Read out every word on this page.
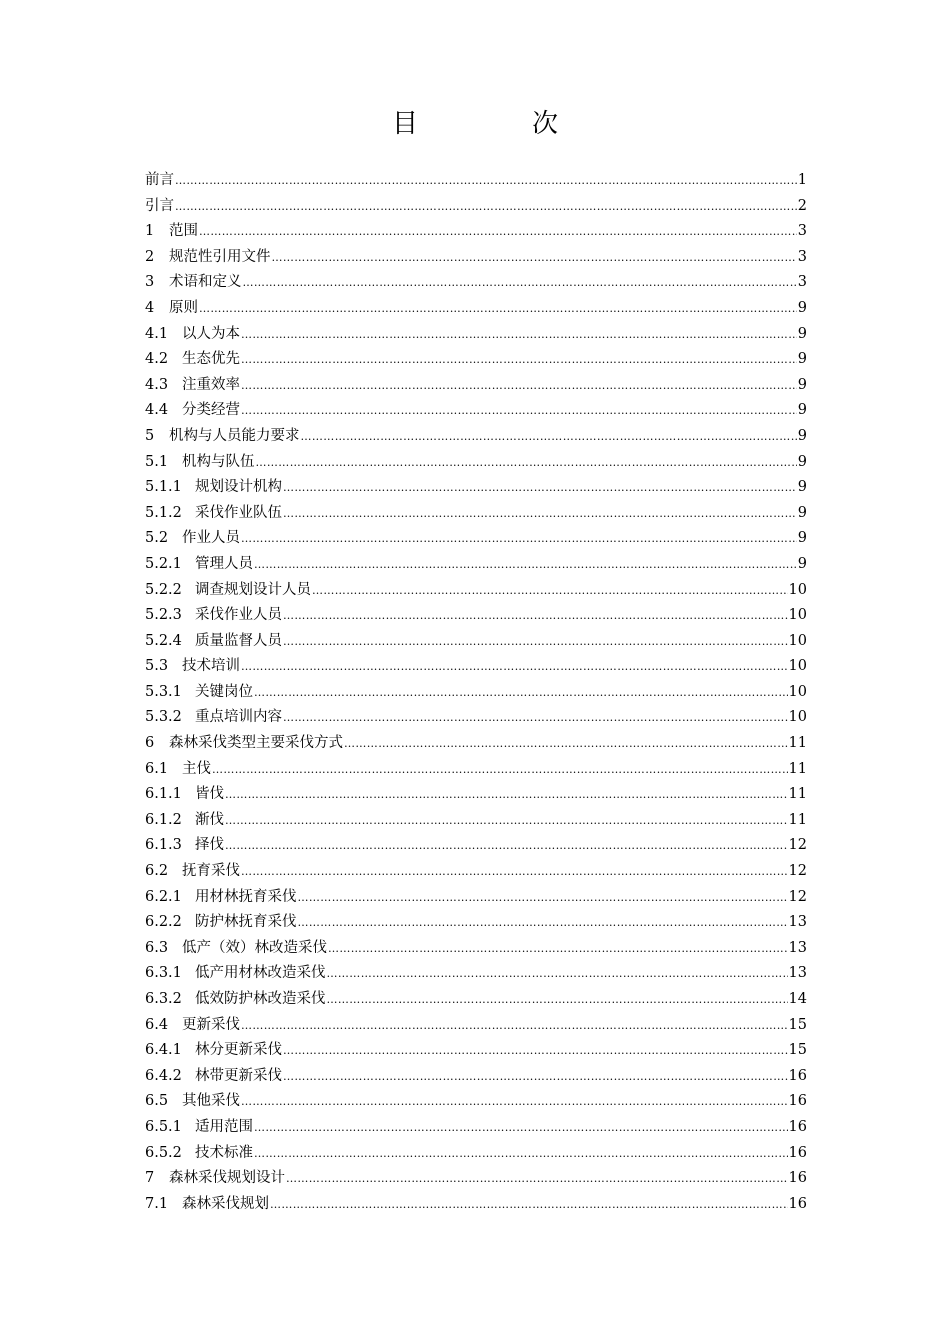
目　次
前言 ………………………………………………………………………………………………………………………………………………………………………………	1
引言 ………………………………………………………………………………………………………………………………………………………………………………	2
1	范围 ………………………………………………………………………………………………………………………………………………………………………………	3
2	规范性引用文件 ………………………………………………………………………………………………………………………………………………………………………………	3
3	术语和定义 ………………………………………………………………………………………………………………………………………………………………………………	3
4	原则 ………………………………………………………………………………………………………………………………………………………………………………	9
4.1 以人为本 ………………………………………………………………………………………………………………………………………………………………………………	9
4.2 生态优先 ………………………………………………………………………………………………………………………………………………………………………………	9
4.3 注重效率 ………………………………………………………………………………………………………………………………………………………………………………	9
4.4 分类经营 ………………………………………………………………………………………………………………………………………………………………………………	9
5	机构与人员能力要求 ………………………………………………………………………………………………………………………………………………………………………………	9
5.1 机构与队伍 ………………………………………………………………………………………………………………………………………………………………………………	9
5.1.1 规划设计机构 ………………………………………………………………………………………………………………………………………………………………………………	9
5.1.2 采伐作业队伍 ………………………………………………………………………………………………………………………………………………………………………………	9
5.2 作业人员 ………………………………………………………………………………………………………………………………………………………………………………	9
5.2.1 管理人员 ………………………………………………………………………………………………………………………………………………………………………………	9
5.2.2 调查规划设计人员 ………………………………………………………………………………………………………………………………………………………………………………	10
5.2.3 采伐作业人员 ………………………………………………………………………………………………………………………………………………………………………………	10
5.2.4 质量监督人员 ………………………………………………………………………………………………………………………………………………………………………………	10
5.3 技术培训 ………………………………………………………………………………………………………………………………………………………………………………	10
5.3.1 关键岗位 ………………………………………………………………………………………………………………………………………………………………………………	10
5.3.2 重点培训内容 ………………………………………………………………………………………………………………………………………………………………………………	10
6	森林采伐类型主要采伐方式 ………………………………………………………………………………………………………………………………………………………………………………	11
6.1 主伐 ………………………………………………………………………………………………………………………………………………………………………………	11
6.1.1 皆伐 ………………………………………………………………………………………………………………………………………………………………………………	11
6.1.2 渐伐 ………………………………………………………………………………………………………………………………………………………………………………	11
6.1.3 择伐 ………………………………………………………………………………………………………………………………………………………………………………	12
6.2 抚育采伐 ………………………………………………………………………………………………………………………………………………………………………………	12
6.2.1 用材林抚育采伐 ………………………………………………………………………………………………………………………………………………………………………………	12
6.2.2 防护林抚育采伐 ………………………………………………………………………………………………………………………………………………………………………………	13
6.3 低产（效）林改造采伐 ………………………………………………………………………………………………………………………………………………………………………………	13
6.3.1 低产用材林改造采伐 ………………………………………………………………………………………………………………………………………………………………………………	13
6.3.2 低效防护林改造采伐 ………………………………………………………………………………………………………………………………………………………………………………	14
6.4 更新采伐 ………………………………………………………………………………………………………………………………………………………………………………	15
6.4.1 林分更新采伐 ………………………………………………………………………………………………………………………………………………………………………………	15
6.4.2 林带更新采伐 ………………………………………………………………………………………………………………………………………………………………………………	16
6.5 其他采伐 ………………………………………………………………………………………………………………………………………………………………………………	16
6.5.1 适用范围 ………………………………………………………………………………………………………………………………………………………………………………	16
6.5.2 技术标准 ………………………………………………………………………………………………………………………………………………………………………………	16
7	森林采伐规划设计 ………………………………………………………………………………………………………………………………………………………………………………	16
7.1 森林采伐规划 ………………………………………………………………………………………………………………………………………………………………………………	16
